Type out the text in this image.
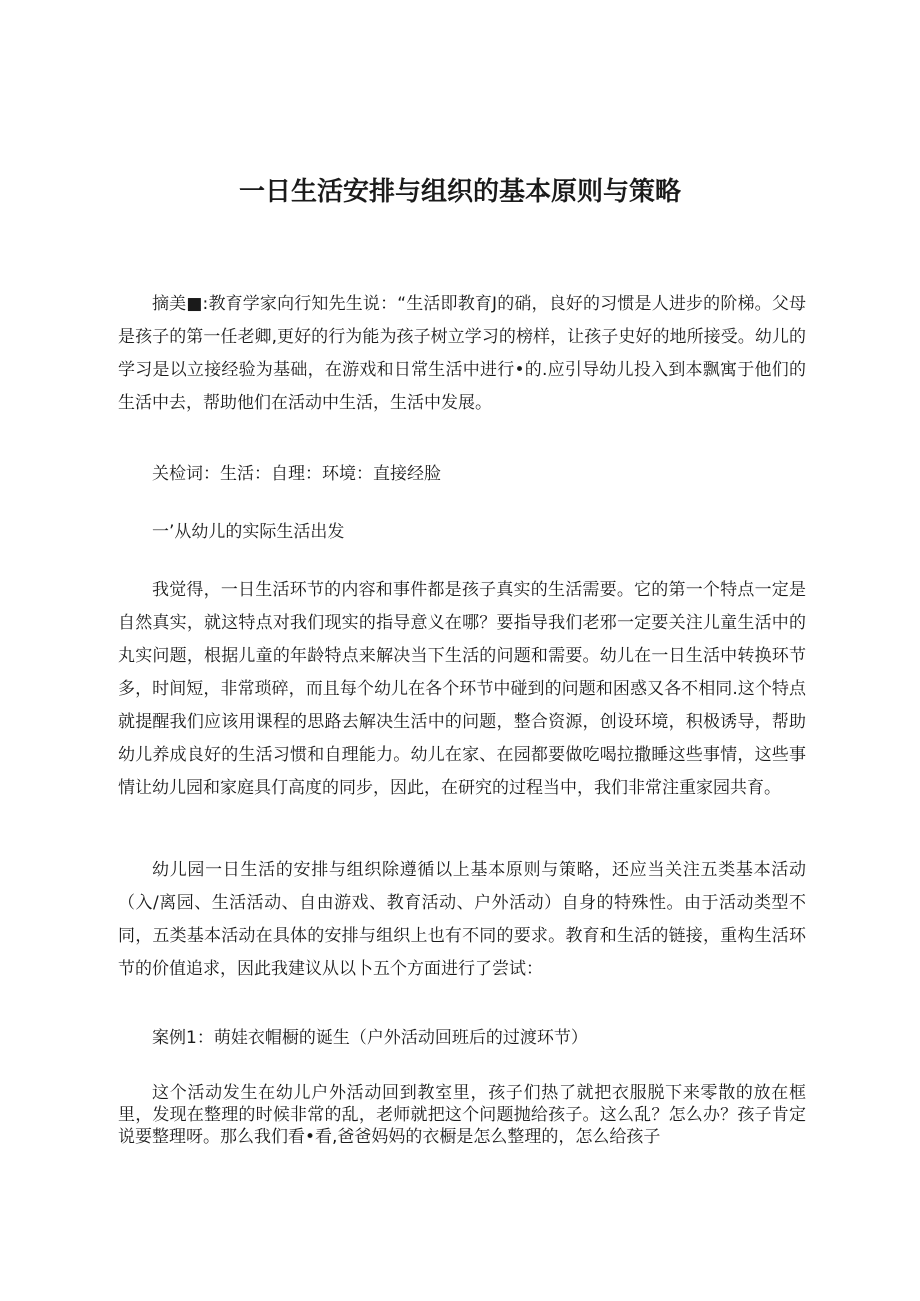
一日生活安排与组织的基本原则与策略

摘美■:教育学家向行知先生说：“生活即教育J的硝，良好的习惯是人进步的阶梯。父母是孩子的第一任老卿,更好的行为能为孩子树立学习的榜样，让孩子史好的地所接受。幼儿的学习是以立接经验为基础，在游戏和日常生活中进行•的.应引导幼儿投入到本飘寓于他们的生活中去，帮助他们在活动中生活，生活中发展。

关检词：生活：自理：环境：直接经脸

一’从幼儿的实际生活出发

我觉得，一日生活环节的内容和事件都是孩子真实的生活需要。它的第一个特点一定是自然真实，就这特点对我们现实的指导意义在哪？要指导我们老邪一定要关注儿童生活中的丸实问题，根据儿童的年龄特点来解决当下生活的问题和需要。幼儿在一日生活中转换环节多，时间短，非常琐碎，而且每个幼儿在各个环节中碰到的问题和困惑又各不相同.这个特点就提醒我们应该用课程的思路去解决生活中的问题，整合资源，创设环境，积极诱导，帮助幼儿养成良好的生活习惯和自理能力。幼儿在家、在园都要做吃喝拉撒睡这些事情，这些事情让幼儿园和家庭具仃高度的同步，因此，在研究的过程当中，我们非常注重家园共育。

幼儿园一日生活的安排与组织除遵循以上基本原则与策略，还应当关注五类基本活动（入/离园、生活活动、自由游戏、教育活动、户外活动）自身的特殊性。由于活动类型不同，五类基本活动在具体的安排与组织上也有不同的要求。教育和生活的链接，重构生活环节的价值追求，因此我建议从以卜五个方面进行了尝试：

案例1：萌娃衣帽橱的诞生（户外活动回班后的过渡环节）

这个活动发生在幼儿户外活动回到教室里，孩子们热了就把衣服脱下来零散的放在框里，发现在整理的时候非常的乱，老师就把这个问题抛给孩子。这么乱？怎么办？孩子肯定说要整理呀。那么我们看•看,爸爸妈妈的衣橱是怎么整理的，怎么给孩子
